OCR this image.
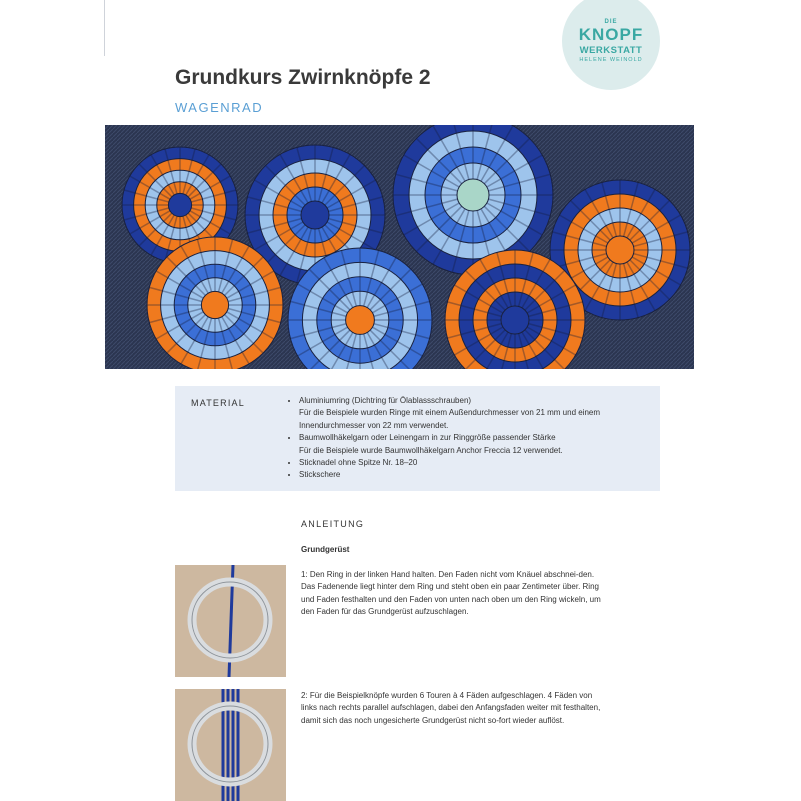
DIE
KNOPF
WERKSTATT
HELENE WEINOLD
Grundkurs Zwirnknöpfe 2
WAGENRAD
MATERIAL
•	Aluminiumring (Dichtring für Ölablassschrauben)
Für die Beispiele wurden Ringe mit einem Außendurchmesser von 21 mm und einem Innendurchmesser von 22 mm verwendet.
• Baumwollhäkelgarn oder Leinengarn in zur Ringgröße passender Stärke
Für die Beispiele wurde Baumwollhäkelgarn Anchor Freccia 12 verwendet.
• Sticknadel ohne Spitze Nr. 18–20
• Stickschere
ANLEITUNG
Grundgerüst
1: Den Ring in der linken Hand halten. Den Faden nicht vom Knäuel abschnei-den. Das Fadenende liegt hinter dem Ring und steht oben ein paar Zentimeter über. Ring und Faden festhalten und den Faden von unten nach oben um den Ring wickeln, um den Faden für das Grundgerüst aufzuschlagen.
2: Für die Beispielknöpfe wurden 6 Touren à 4 Fäden aufgeschlagen. 4 Fäden von links nach rechts parallel aufschlagen, dabei den Anfangsfaden weiter mit festhalten, damit sich das noch ungesicherte Grundgerüst nicht so-fort wieder auflöst.
